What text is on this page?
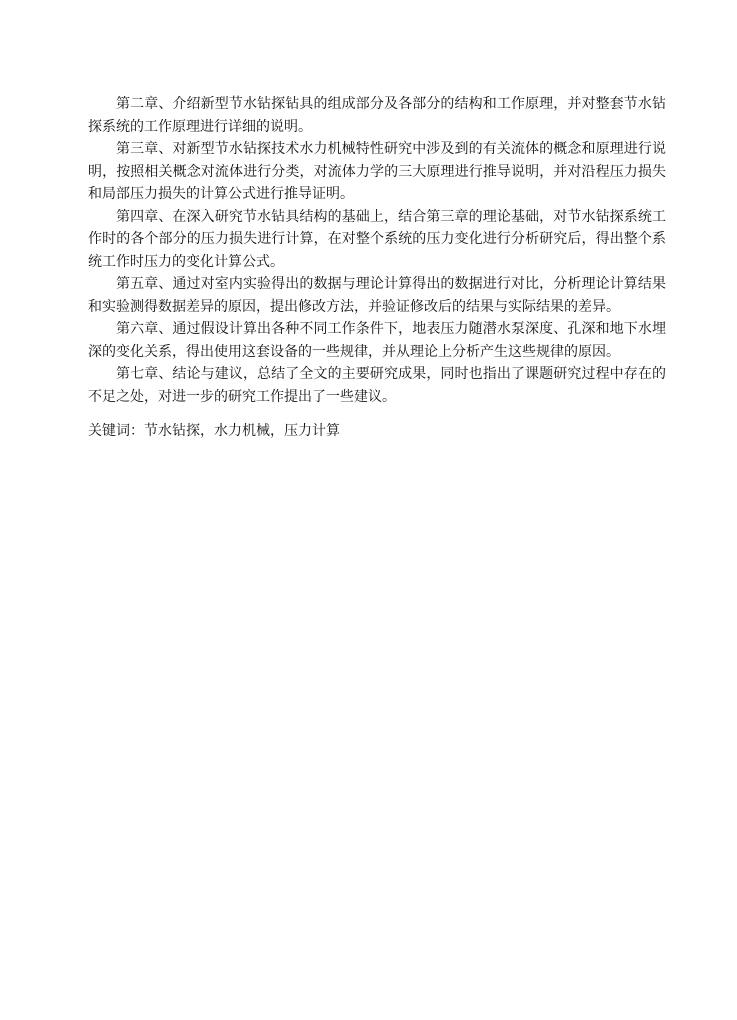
第二章、介绍新型节水钻探钻具的组成部分及各部分的结构和工作原理，并对整套节水钻探系统的工作原理进行详细的说明。

第三章、对新型节水钻探技术水力机械特性研究中涉及到的有关流体的概念和原理进行说明，按照相关概念对流体进行分类，对流体力学的三大原理进行推导说明，并对沿程压力损失和局部压力损失的计算公式进行推导证明。

第四章、在深入研究节水钻具结构的基础上，结合第三章的理论基础，对节水钻探系统工作时的各个部分的压力损失进行计算，在对整个系统的压力变化进行分析研究后，得出整个系统工作时压力的变化计算公式。

第五章、通过对室内实验得出的数据与理论计算得出的数据进行对比，分析理论计算结果和实验测得数据差异的原因，提出修改方法，并验证修改后的结果与实际结果的差异。

第六章、通过假设计算出各种不同工作条件下，地表压力随潜水泵深度、孔深和地下水埋深的变化关系，得出使用这套设备的一些规律，并从理论上分析产生这些规律的原因。

第七章、结论与建议，总结了全文的主要研究成果，同时也指出了课题研究过程中存在的不足之处，对进一步的研究工作提出了一些建议。

关键词：节水钻探，水力机械，压力计算
